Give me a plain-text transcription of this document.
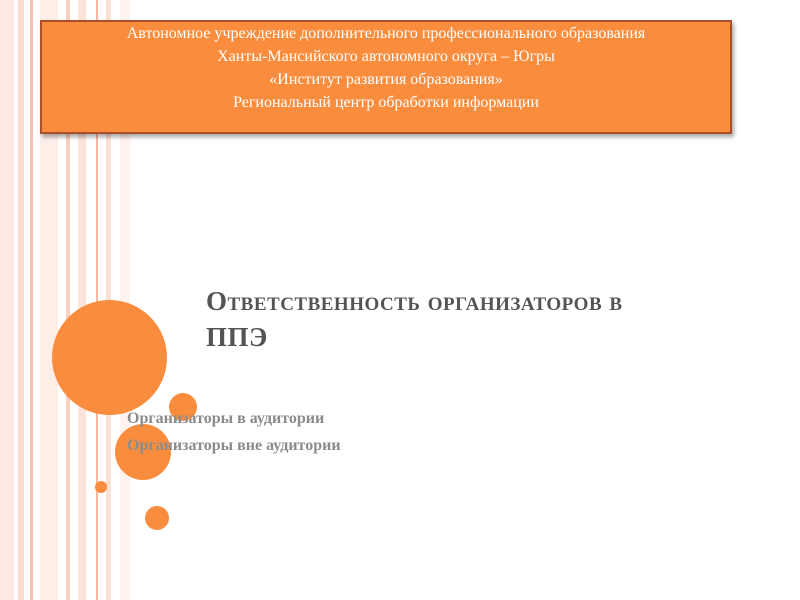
Автономное учреждение дополнительного профессионального образования
Ханты-Мансийского автономного округа – Югры
«Институт развития образования»
Региональный центр обработки информации
Ответственность организаторов в
ППЭ
Организаторы в аудитории
Организаторы вне аудитории
